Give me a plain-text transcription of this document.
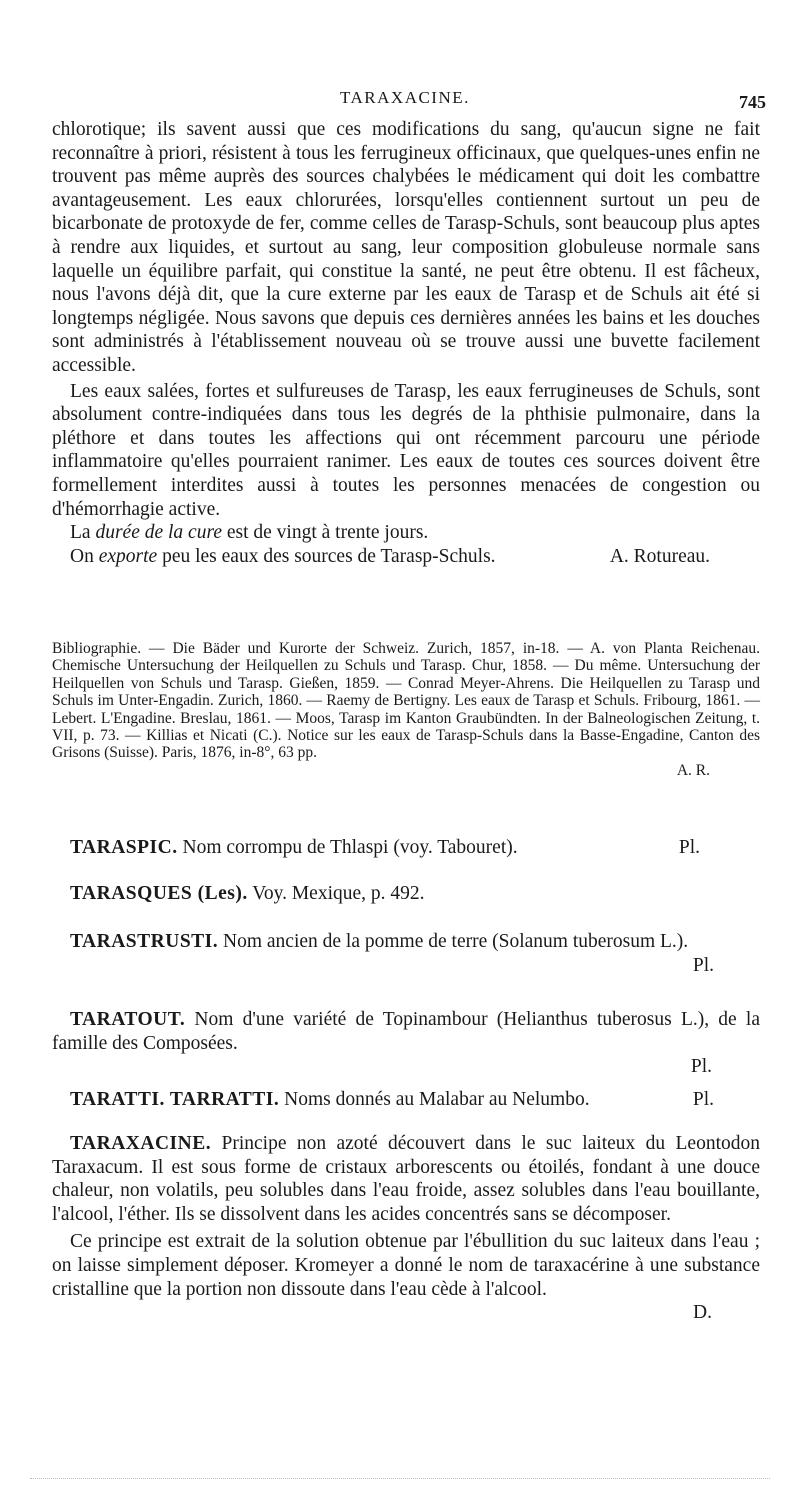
TARAXACINE.	745

chlorotique; ils savent aussi que ces modifications du sang, qu'aucun signe ne fait reconnaître à priori, résistent à tous les ferrugineux officinaux, que quelques-unes enfin ne trouvent pas même auprès des sources chalybées le médicament qui doit les combattre avantageusement. Les eaux chlorurées, lorsqu'elles contiennent surtout un peu de bicarbonate de protoxyde de fer, comme celles de Tarasp-Schuls, sont beaucoup plus aptes à rendre aux liquides, et surtout au sang, leur composition globuleuse normale sans laquelle un équilibre parfait, qui constitue la santé, ne peut être obtenu. Il est fâcheux, nous l'avons déjà dit, que la cure externe par les eaux de Tarasp et de Schuls ait été si longtemps négligée. Nous savons que depuis ces dernières années les bains et les douches sont administrés à l'établissement nouveau où se trouve aussi une buvette facilement accessible.

Les eaux salées, fortes et sulfureuses de Tarasp, les eaux ferrugineuses de Schuls, sont absolument contre-indiquées dans tous les degrés de la phthisie pulmonaire, dans la pléthore et dans toutes les affections qui ont récemment parcouru une période inflammatoire qu'elles pourraient ranimer. Les eaux de toutes ces sources doivent être formellement interdites aussi à toutes les personnes menacées de congestion ou d'hémorrhagie active.

La durée de la cure est de vingt à trente jours.

On exporte peu les eaux des sources de Tarasp-Schuls.	A. Rotureau.

Bibliographie. — Die Bäder und Kurorte der Schweiz. Zurich, 1857, in-18. — A. von Planta Reichenau. Chemische Untersuchung der Heilquellen zu Schuls und Tarasp. Chur, 1858. — Du même. Untersuchung der Heilquellen von Schuls und Tarasp. Gießen, 1859. — Conrad Meyer-Ahrens. Die Heilquellen zu Tarasp und Schuls im Unter-Engadin. Zurich, 1860. — Raemy de Bertigny. Les eaux de Tarasp et Schuls. Fribourg, 1861. — Lebert. L'Engadine. Breslau, 1861. — Moos, Tarasp im Kanton Graubündten. In der Balneologischen Zeitung, t. VII, p. 73. — Killias et Nicati (C.). Notice sur les eaux de Tarasp-Schuls dans la Basse-Engadine, Canton des Grisons (Suisse). Paris, 1876, in-8°, 63 pp.

A. R.

TARASPIC. Nom corrompu de Thlaspi (voy. Tabouret).	Pl.

TARASQUES (Les). Voy. Mexique, p. 492.

TARASTRUSTI. Nom ancien de la pomme de terre (Solanum tuberosum L.).

Pl.

TARATOUT. Nom d'une variété de Topinambour (Helianthus tuberosus L.), de la famille des Composées.

Pl.

TARATTI. TARRATTI. Noms donnés au Malabar au Nelumbo.	Pl.

TARAXACINE. Principe non azoté découvert dans le suc laiteux du Leontodon Taraxacum. Il est sous forme de cristaux arborescents ou étoilés, fondant à une douce chaleur, non volatils, peu solubles dans l'eau froide, assez solubles dans l'eau bouillante, l'alcool, l'éther. Ils se dissolvent dans les acides concentrés sans se décomposer.

Ce principe est extrait de la solution obtenue par l'ébullition du suc laiteux dans l'eau ; on laisse simplement déposer. Kromeyer a donné le nom de taraxacérine à une substance cristalline que la portion non dissoute dans l'eau cède à l'alcool.

D.
